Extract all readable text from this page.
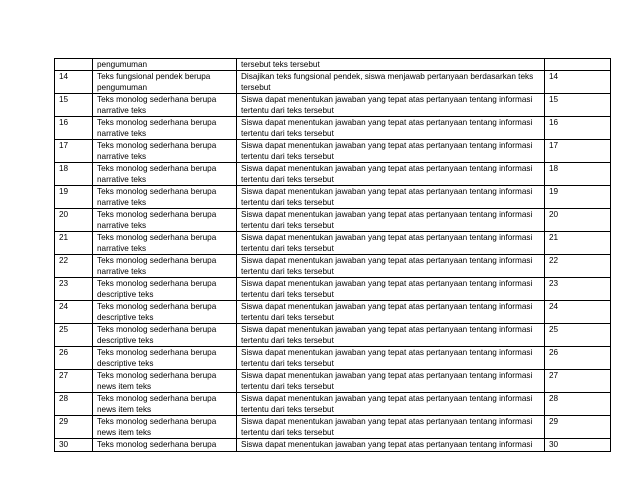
	pengumuman	tersebut teks tersebut	

14	Teks fungsional pendek berupa pengumuman	Disajikan teks fungsional pendek, siswa menjawab pertanyaan berdasarkan teks tersebut	14

15	Teks monolog sederhana berupa narrative teks	Siswa dapat menentukan jawaban yang tepat atas pertanyaan tentang informasi tertentu dari teks tersebut	15

16	Teks monolog sederhana berupa narrative teks	Siswa dapat menentukan jawaban yang tepat atas pertanyaan tentang informasi tertentu dari teks tersebut	16

17	Teks monolog sederhana berupa narrative teks	Siswa dapat menentukan jawaban yang tepat atas pertanyaan tentang informasi tertentu dari teks tersebut	17

18	Teks monolog sederhana berupa narrative teks	Siswa dapat menentukan jawaban yang tepat atas pertanyaan tentang informasi tertentu dari teks tersebut	18

19	Teks monolog sederhana berupa narrative teks	Siswa dapat menentukan jawaban yang tepat atas pertanyaan tentang informasi tertentu dari teks tersebut	19

20	Teks monolog sederhana berupa narrative teks	Siswa dapat menentukan jawaban yang tepat atas pertanyaan tentang informasi tertentu dari teks tersebut	20

21	Teks monolog sederhana berupa narrative teks	Siswa dapat menentukan jawaban yang tepat atas pertanyaan tentang informasi tertentu dari teks tersebut	21

22	Teks monolog sederhana berupa narrative teks	Siswa dapat menentukan jawaban yang tepat atas pertanyaan tentang informasi tertentu dari teks tersebut	22

23	Teks monolog sederhana berupa descriptive teks	Siswa dapat menentukan jawaban yang tepat atas pertanyaan tentang informasi tertentu dari teks tersebut	23

24	Teks monolog sederhana berupa descriptive teks	Siswa dapat menentukan jawaban yang tepat atas pertanyaan tentang informasi tertentu dari teks tersebut	24

25	Teks monolog sederhana berupa descriptive teks	Siswa dapat menentukan jawaban yang tepat atas pertanyaan tentang informasi tertentu dari teks tersebut	25

26	Teks monolog sederhana berupa descriptive teks	Siswa dapat menentukan jawaban yang tepat atas pertanyaan tentang informasi tertentu dari teks tersebut	26

27	Teks monolog sederhana berupa news item teks	Siswa dapat menentukan jawaban yang tepat atas pertanyaan tentang informasi tertentu dari teks tersebut	27

28	Teks monolog sederhana berupa news item teks	Siswa dapat menentukan jawaban yang tepat atas pertanyaan tentang informasi tertentu dari teks tersebut	28

29	Teks monolog sederhana berupa news item teks	Siswa dapat menentukan jawaban yang tepat atas pertanyaan tentang informasi tertentu dari teks tersebut	29

30	Teks monolog sederhana berupa	Siswa dapat menentukan jawaban yang tepat atas pertanyaan tentang informasi	30
